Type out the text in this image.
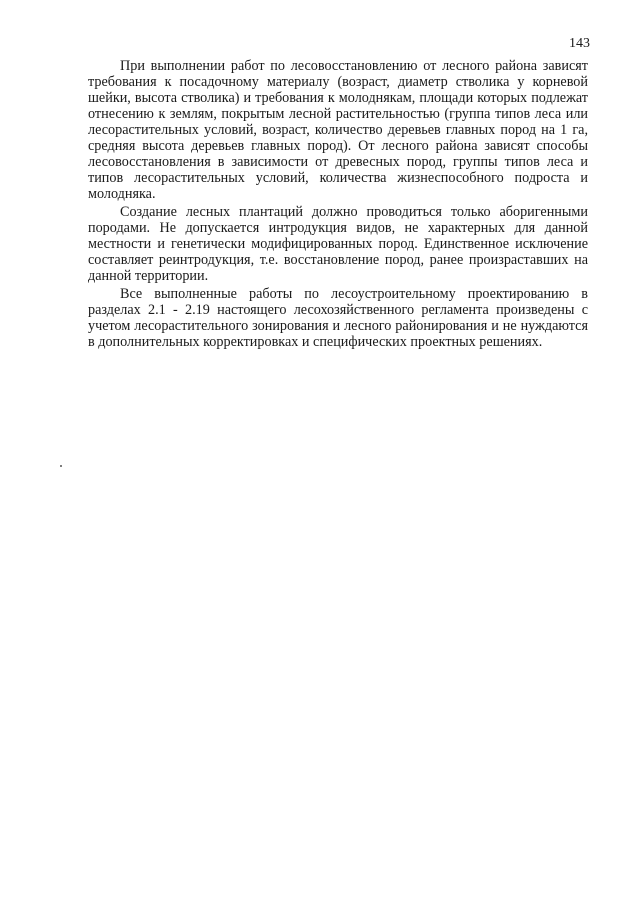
143

При выполнении работ по лесовосстановлению от лесного района зависят требования к посадочному материалу (возраст, диаметр стволика у корневой шейки, высота стволика) и требования к молоднякам, площади которых подлежат отнесению к землям, покрытым лесной растительностью (группа типов леса или лесорастительных условий, возраст, количество деревьев главных пород на 1 га, средняя высота деревьев главных пород). От лесного района зависят способы лесовосстановления в зависимости от древесных пород, группы типов леса и типов лесорастительных условий, количества жизнеспособного подроста и молодняка.

Создание лесных плантаций должно проводиться только аборигенными породами. Не допускается интродукция видов, не характерных для данной местности и генетически модифицированных пород. Единственное исключение составляет реинтродукция, т.е. восстановление пород, ранее произраставших на данной территории.

Все выполненные работы по лесоустроительному проектированию в разделах 2.1 - 2.19 настоящего лесохозяйственного регламента произведены с учетом лесорастительного зонирования и лесного районирования и не нуждаются в дополнительных корректировках и специфических проектных решениях.
